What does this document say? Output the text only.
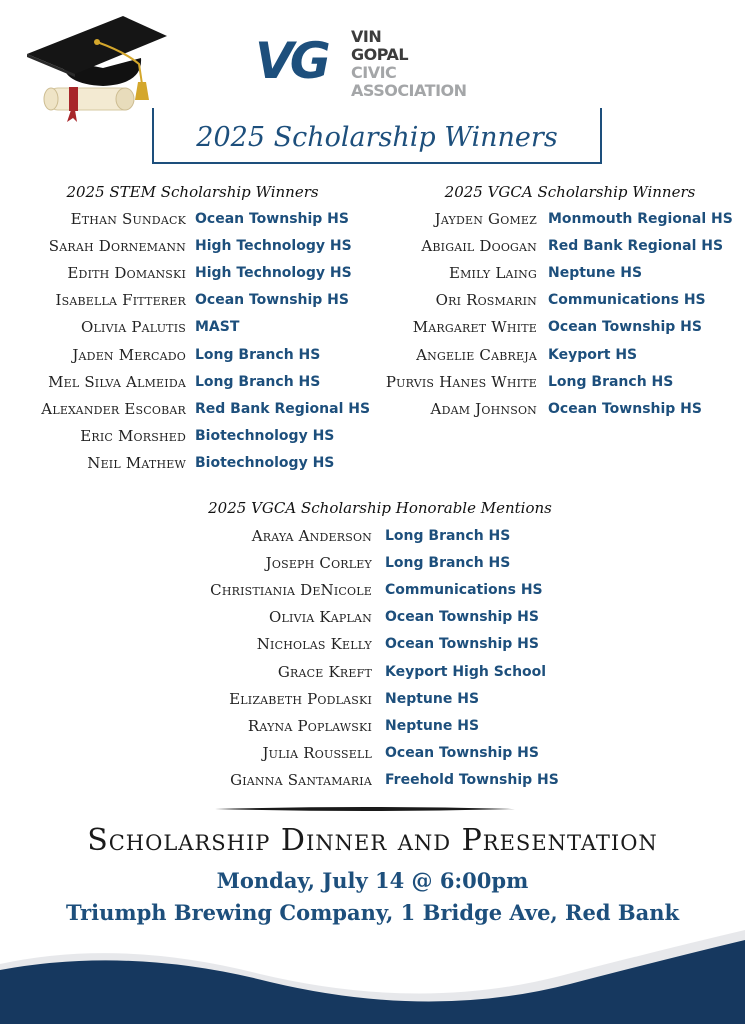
VG VIN
GOPAL
CIVIC
ASSOCIATION
2025 Scholarship Winners
2025 STEM Scholarship Winners	2025 VGCA Scholarship Winners
2025 VGCA Scholarship Honorable Mentions
Ethan Sundack Ocean Township HS
Sarah Dornemann High Technology HS
Edith Domanski High Technology HS
Isabella Fitterer Ocean Township HS
Olivia Palutis MAST
Jaden Mercado Long Branch HS
Mel Silva Almeida Long Branch HS
Alexander Escobar Red Bank Regional HS
Eric Morshed Biotechnology HS
Neil Mathew Biotechnology HS
Jayden Gomez Monmouth Regional HS
Abigail Doogan Red Bank Regional HS
Emily Laing Neptune HS
Ori Rosmarin Communications HS
Margaret White Ocean Township HS
Angelie Cabreja Keyport HS
Purvis Hanes White Long Branch HS
Adam Johnson Ocean Township HS
Araya Anderson Long Branch HS
Joseph Corley Long Branch HS
Christiania DeNicole Communications HS
Olivia Kaplan Ocean Township HS
Nicholas Kelly Ocean Township HS
Grace Kreft Keyport High School
Elizabeth Podlaski Neptune HS
Rayna Poplawski Neptune HS
Julia Roussell Ocean Township HS
Gianna Santamaria Freehold Township HS
Scholarship Dinner and Presentation
Monday, July 14 @ 6:00pm
Triumph Brewing Company, 1 Bridge Ave, Red Bank
